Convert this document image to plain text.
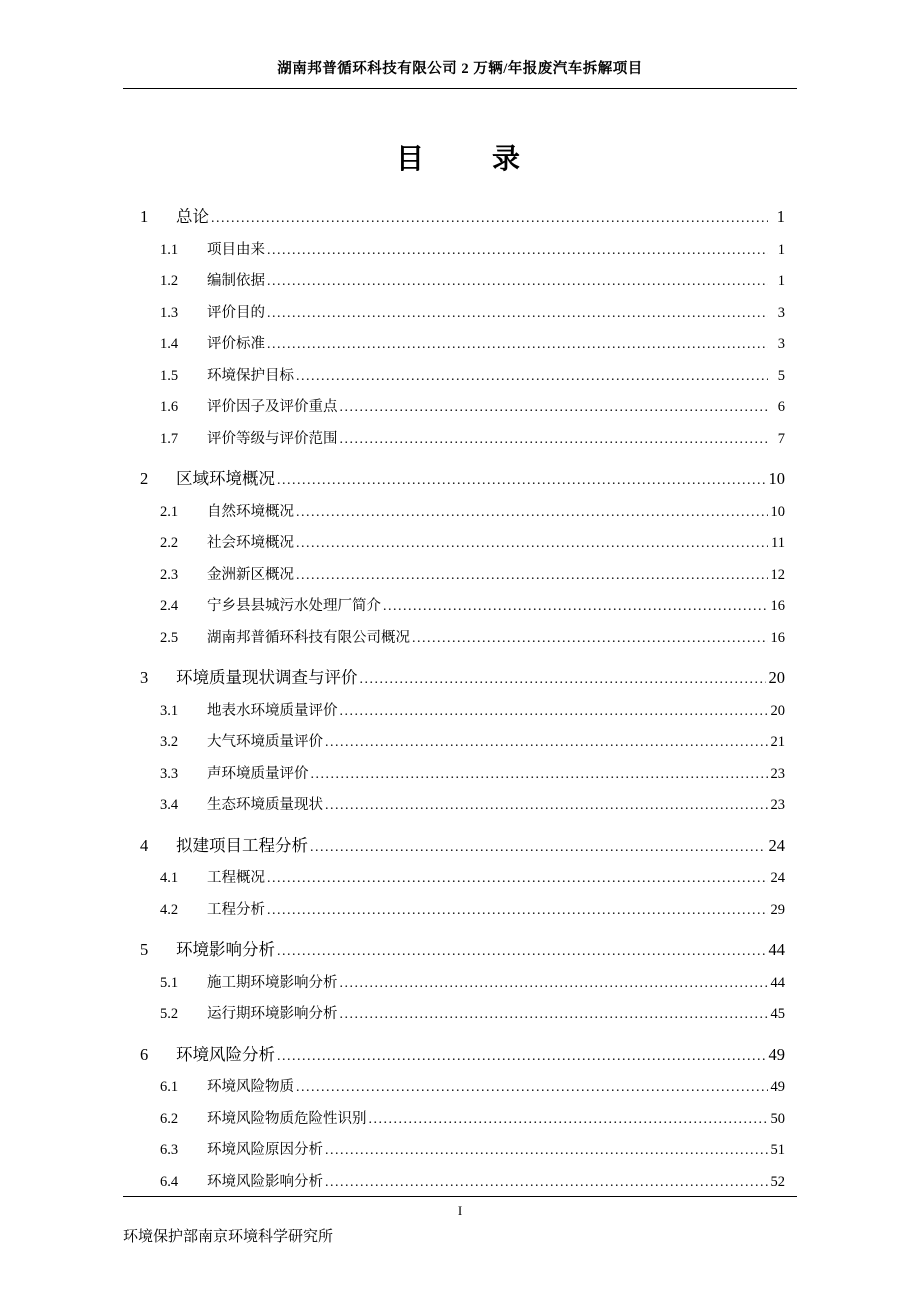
湖南邦普循环科技有限公司 2 万辆/年报废汽车拆解项目
目　　录
1	总论 .....	1
1.1	项目由来 .....	1
1.2	编制依据 .....	1
1.3	评价目的 .....	3
1.4	评价标准 .....	3
1.5	环境保护目标 .....	5
1.6	评价因子及评价重点 .....	6
1.7	评价等级与评价范围 .....	7
2	区域环境概况 .....	10
2.1	自然环境概况 .....	10
2.2	社会环境概况 .....	11
2.3	金洲新区概况 .....	12
2.4	宁乡县县城污水处理厂简介 .....	16
2.5	湖南邦普循环科技有限公司概况 .....	16
3	环境质量现状调查与评价 .....	20
3.1	地表水环境质量评价 .....	20
3.2	大气环境质量评价 .....	21
3.3	声环境质量评价 .....	23
3.4	生态环境质量现状 .....	23
4	拟建项目工程分析 .....	24
4.1	工程概况 .....	24
4.2	工程分析 .....	29
5	环境影响分析 .....	44
5.1	施工期环境影响分析 .....	44
5.2	运行期环境影响分析 .....	45
6	环境风险分析 .....	49
6.1	环境风险物质 .....	49
6.2	环境风险物质危险性识别 .....	50
6.3	环境风险原因分析 .....	51
6.4	环境风险影响分析 .....	52
I
环境保护部南京环境科学研究所
